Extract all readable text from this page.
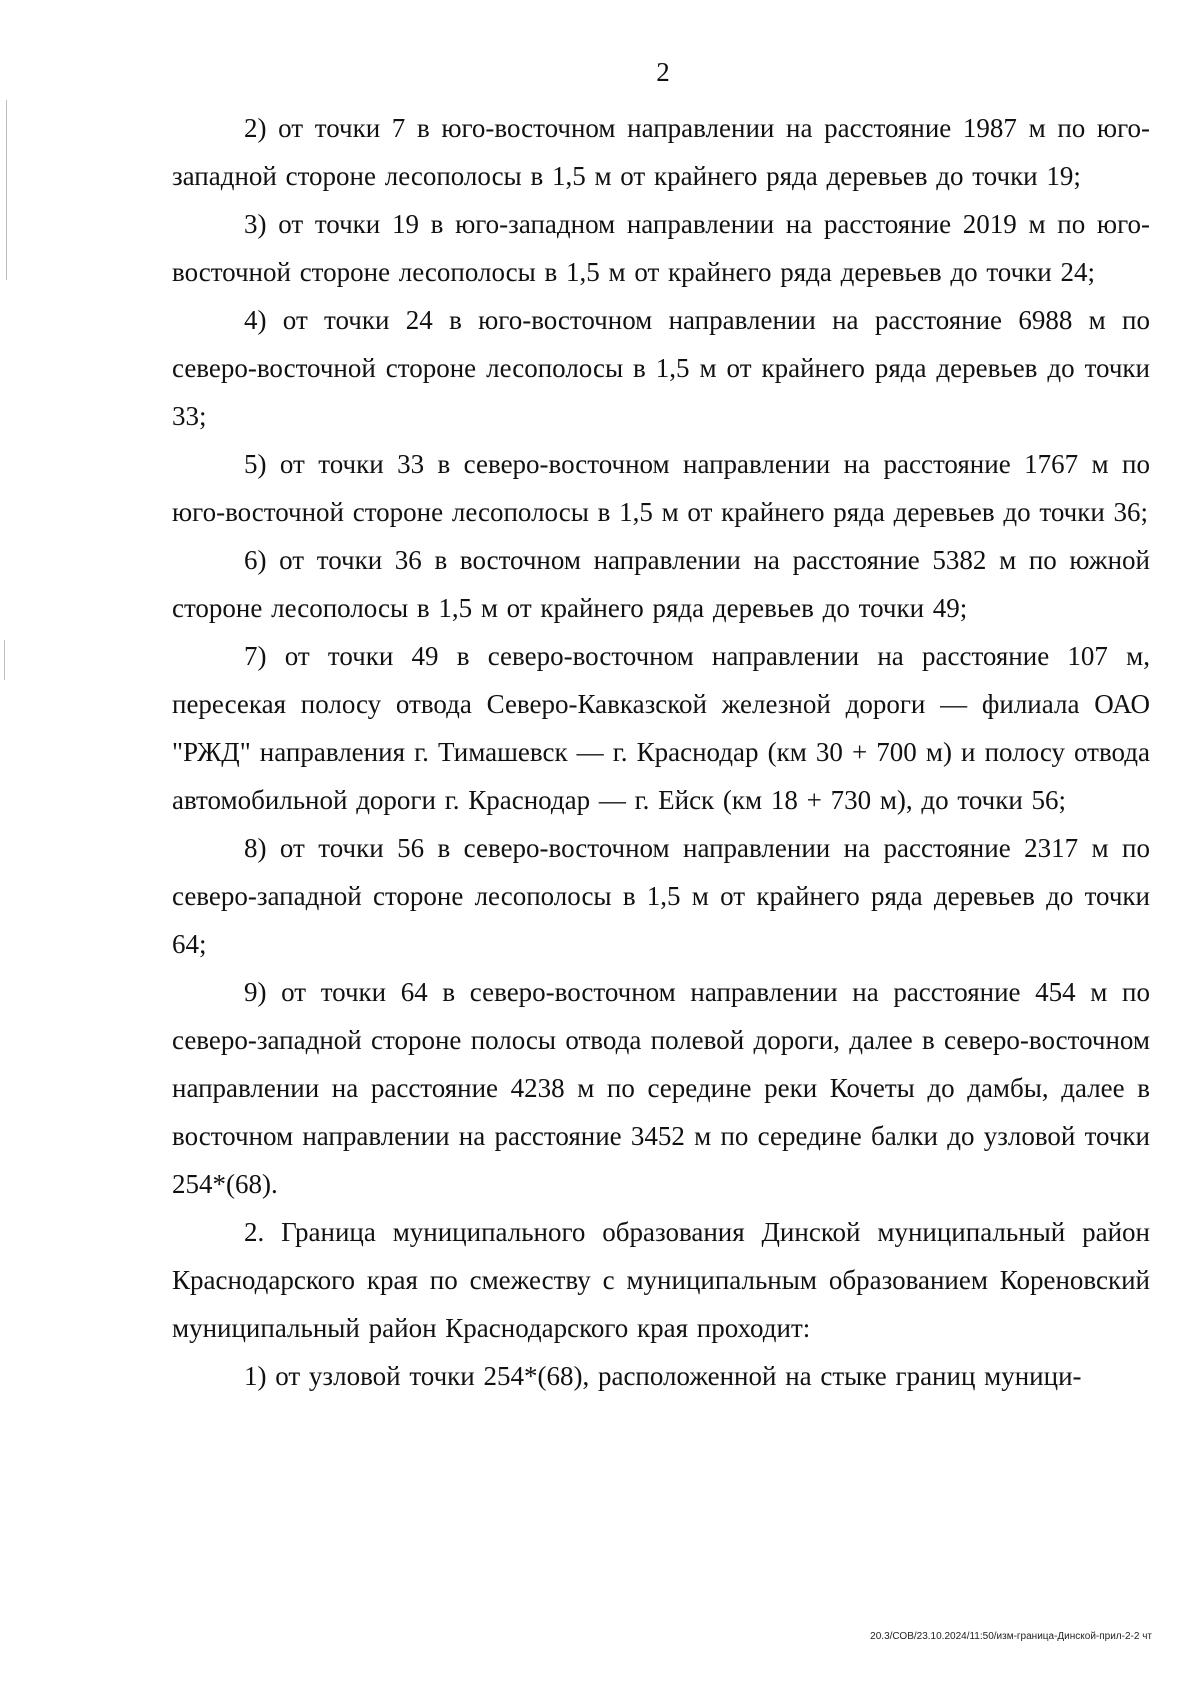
2

2) от точки 7 в юго-восточном направлении на расстояние 1987 м по юго-западной стороне лесополосы в 1,5 м от крайнего ряда деревьев до точки 19;

3) от точки 19 в юго-западном направлении на расстояние 2019 м по юго-восточной стороне лесополосы в 1,5 м от крайнего ряда деревьев до точки 24;

4) от точки 24 в юго-восточном направлении на расстояние 6988 м по северо-восточной стороне лесополосы в 1,5 м от крайнего ряда деревьев до точки 33;

5) от точки 33 в северо-восточном направлении на расстояние 1767 м по юго-восточной стороне лесополосы в 1,5 м от крайнего ряда деревьев до точки 36;

6) от точки 36 в восточном направлении на расстояние 5382 м по южной стороне лесополосы в 1,5 м от крайнего ряда деревьев до точки 49;

7) от точки 49 в северо-восточном направлении на расстояние 107 м, пересекая полосу отвода Северо-Кавказской железной дороги — филиала ОАО "РЖД" направления г. Тимашевск — г. Краснодар (км 30 + 700 м) и полосу отвода автомобильной дороги г. Краснодар — г. Ейск (км 18 + 730 м), до точки 56;

8) от точки 56 в северо-восточном направлении на расстояние 2317 м по северо-западной стороне лесополосы в 1,5 м от крайнего ряда деревьев до точки 64;

9) от точки 64 в северо-восточном направлении на расстояние 454 м по северо-западной стороне полосы отвода полевой дороги, далее в северо-восточном направлении на расстояние 4238 м по середине реки Кочеты до дамбы, далее в восточном направлении на расстояние 3452 м по середине балки до узловой точки 254*(68).

2. Граница муниципального образования Динской муниципальный район Краснодарского края по смежеству с муниципальным образованием Кореновский муниципальный район Краснодарского края проходит:

1) от узловой точки 254*(68), расположенной на стыке границ муници-

20.3/СОВ/23.10.2024/11:50/изм-граница-Динской-прил-2-2 чт
